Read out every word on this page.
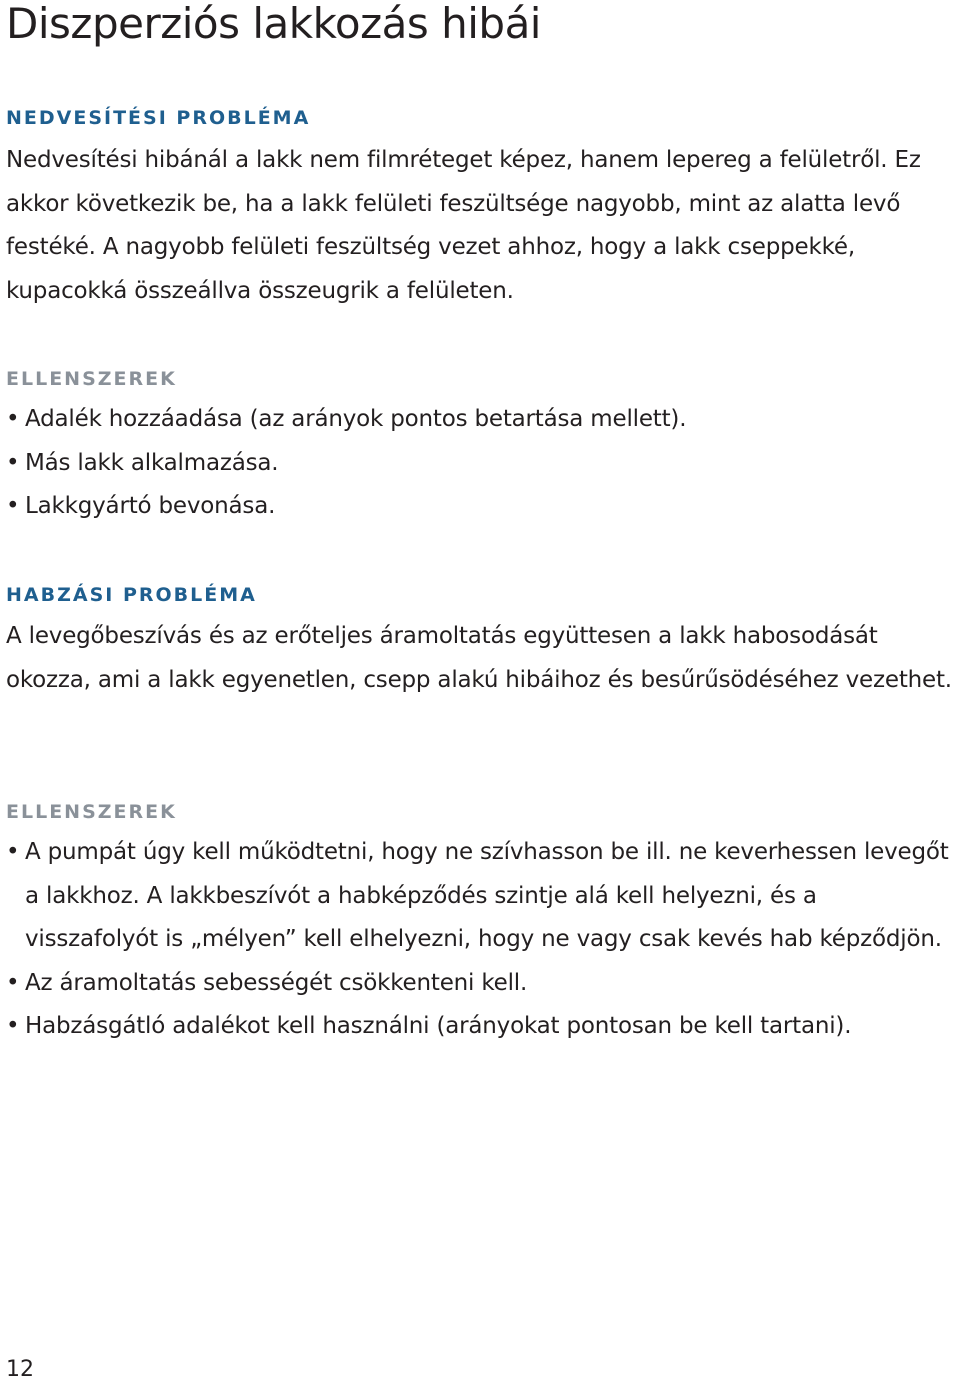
Diszperziós lakkozás hibái
NEDVESÍTÉSI PROBLÉMA

Nedvesítési hibánál a lakk nem filmréteget képez, hanem lepereg a felületről. Ez akkor következik be, ha a lakk felületi feszültsége nagyobb, mint az alatta levő festéké. A nagyobb felületi feszültség vezet ahhoz, hogy a lakk cseppekké, kupacokká összeállva összeugrik a felületen.

ELLENSZEREK
• Adalék hozzáadása (az arányok pontos betartása mellett).
• Más lakk alkalmazása.
• Lakkgyártó bevonása.
HABZÁSI PROBLÉMA

A levegőbeszívás és az erőteljes áramoltatás együttesen a lakk habosodását okozza, ami a lakk egyenetlen, csepp alakú hibáihoz és besűrűsödéséhez vezethet.

ELLENSZEREK
• A pumpát úgy kell működtetni, hogy ne szívhasson be ill. ne keverhessen levegőt a lakkhoz. A lakkbeszívót a habképződés szintje alá kell helyezni, és a visszafolyót is „mélyen” kell elhelyezni, hogy ne vagy csak kevés hab képződjön.
• Az áramoltatás sebességét csökkenteni kell.
• Habzásgátló adalékot kell használni (arányokat pontosan be kell tartani).
12
